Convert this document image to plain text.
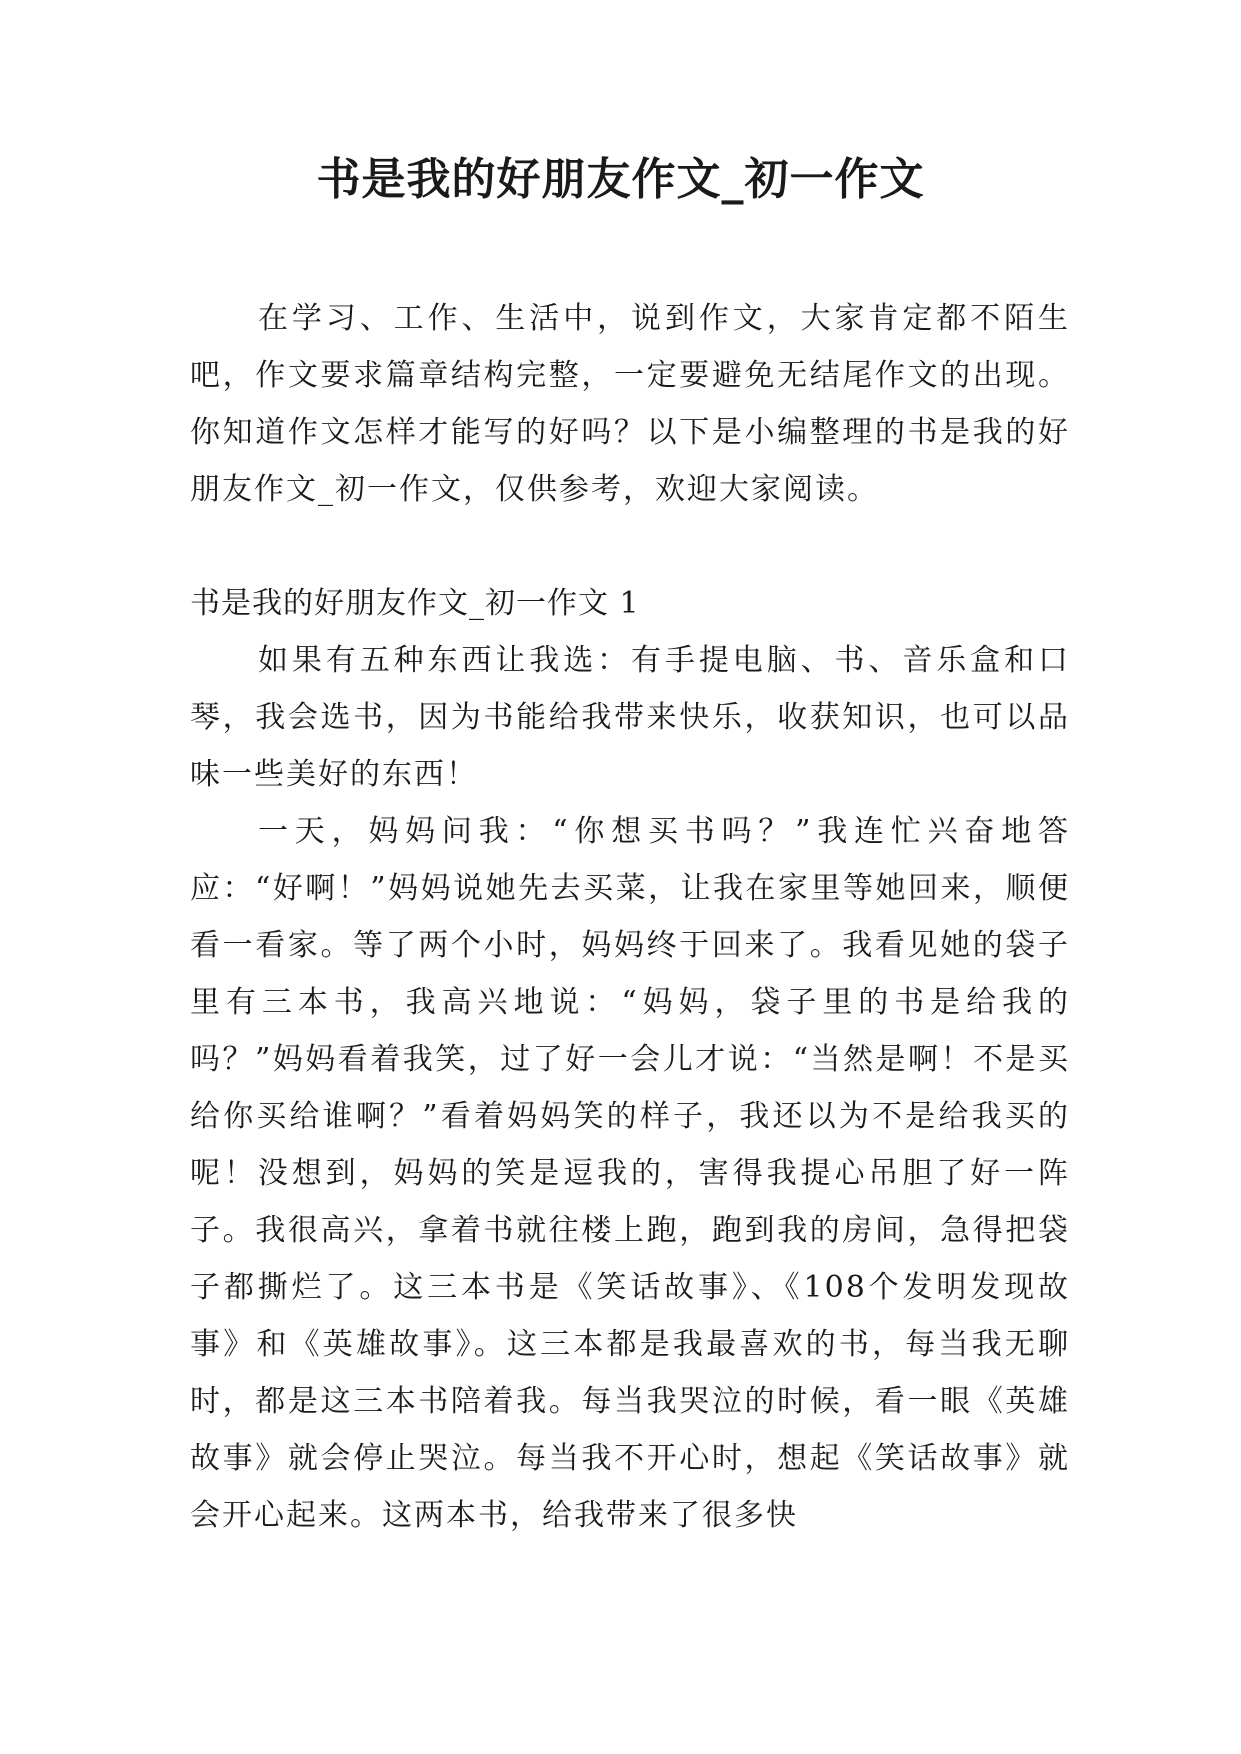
书是我的好朋友作文_初一作文

在学习、工作、生活中，说到作文，大家肯定都不陌生吧，作文要求篇章结构完整，一定要避免无结尾作文的出现。你知道作文怎样才能写的好吗？以下是小编整理的书是我的好朋友作文_初一作文，仅供参考，欢迎大家阅读。

书是我的好朋友作文_初一作文 1

如果有五种东西让我选：有手提电脑、书、音乐盒和口琴，我会选书，因为书能给我带来快乐，收获知识，也可以品味一些美好的东西！

一天，妈妈问我：“你想买书吗？”我连忙兴奋地答应：“好啊！”妈妈说她先去买菜，让我在家里等她回来，顺便看一看家。等了两个小时，妈妈终于回来了。我看见她的袋子里有三本书，我高兴地说：“妈妈，袋子里的书是给我的吗？”妈妈看着我笑，过了好一会儿才说：“当然是啊！不是买给你买给谁啊？”看着妈妈笑的样子，我还以为不是给我买的呢！没想到，妈妈的笑是逗我的，害得我提心吊胆了好一阵子。我很高兴，拿着书就往楼上跑，跑到我的房间，急得把袋子都撕烂了。这三本书是《笑话故事》、《108个发明发现故事》和《英雄故事》。这三本都是我最喜欢的书，每当我无聊时，都是这三本书陪着我。每当我哭泣的时候，看一眼《英雄故事》就会停止哭泣。每当我不开心时，想起《笑话故事》就会开心起来。这两本书，给我带来了很多快
